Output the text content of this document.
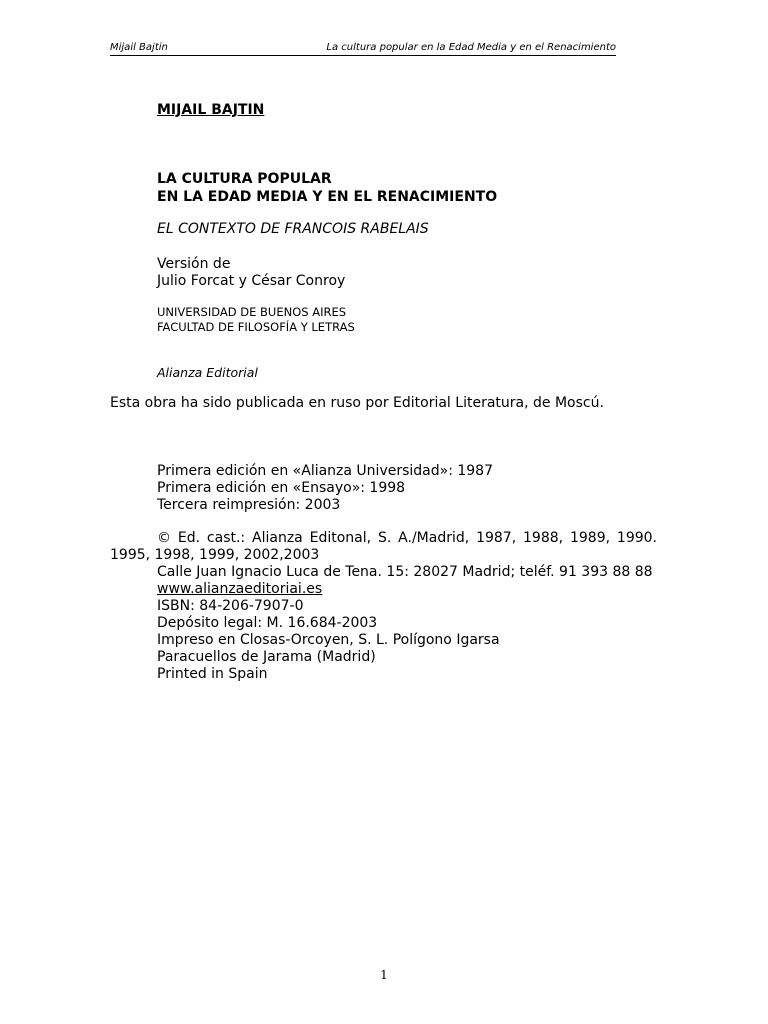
Mijail Bajtin	La cultura popular en la Edad Media y en el Renacimiento
MIJAIL BAJTIN
LA CULTURA POPULAR
EN LA EDAD MEDIA Y EN EL RENACIMIENTO
EL CONTEXTO DE FRANCOIS RABELAIS
Versión de
Julio Forcat y César Conroy
UNIVERSIDAD DE BUENOS AIRES
FACULTAD DE FILOSOFÍA Y LETRAS
Alianza Editorial
Esta obra ha sido publicada en ruso por Editorial Literatura, de Moscú.
Primera edición en «Alianza Universidad»: 1987
Primera edición en «Ensayo»: 1998
Tercera reimpresión: 2003
© Ed. cast.: Alianza Editonal, S. A./Madrid, 1987, 1988, 1989, 1990. 1995, 1998, 1999, 2002,2003
Calle Juan Ignacio Luca de Tena. 15: 28027 Madrid; teléf. 91 393 88 88
www.alianzaeditoriai.es
ISBN: 84-206-7907-0
Depósito legal: M. 16.684-2003
Impreso en Closas-Orcoyen, S. L. Polígono Igarsa
Paracuellos de Jarama (Madrid)
Printed in Spain
1
